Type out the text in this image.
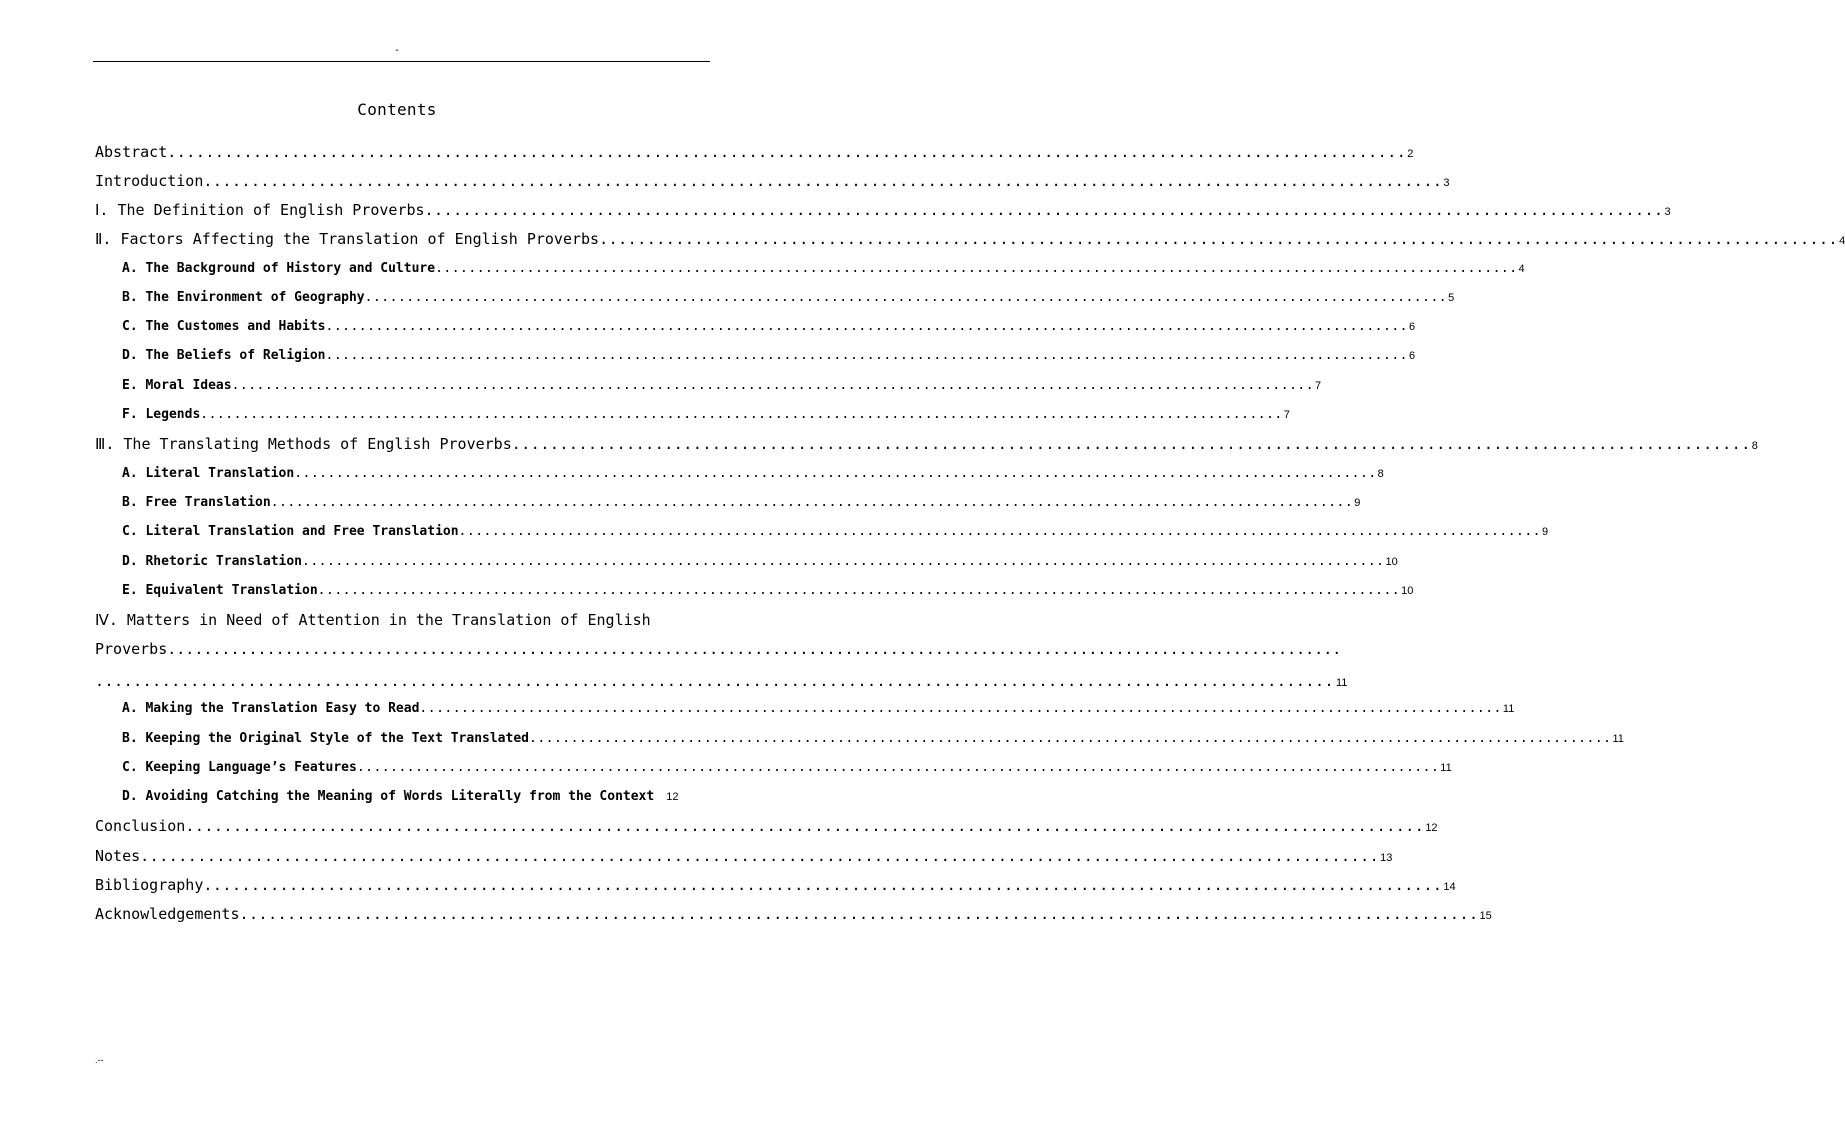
-
Contents
Abstract .................................................................................................................................. 2
Introduction .................................................................................................................................. 3
Ⅰ. The Definition of English Proverbs .................................................................................................................................. 3
Ⅱ. Factors Affecting the Translation of English Proverbs .................................................................................................................................. 4
A. The Background of History and Culture .................................................................................................................................. 4
B. The Environment of Geography .................................................................................................................................. 5
C. The Customes and Habits .................................................................................................................................. 6
D. The Beliefs of Religion .................................................................................................................................. 6
E. Moral Ideas .................................................................................................................................. 7
F. Legends .................................................................................................................................. 7
Ⅲ. The Translating Methods of English Proverbs .................................................................................................................................. 8
A. Literal Translation .................................................................................................................................. 8
B. Free Translation .................................................................................................................................. 9
C. Literal Translation and Free Translation .................................................................................................................................. 9
D. Rhetoric Translation .................................................................................................................................. 10
E. Equivalent Translation .................................................................................................................................. 10
Ⅳ. Matters in Need of Attention in the Translation of English
Proverbs..................................................................................................................................
.................................................................................................................................. 11
A. Making the Translation Easy to Read .................................................................................................................................. 11
B. Keeping the Original Style of the Text Translated .................................................................................................................................. 11
C. Keeping Language’s Features .................................................................................................................................. 11
D. Avoiding Catching the Meaning of Words Literally from the Context	12
Conclusion .................................................................................................................................. 12
Notes .................................................................................................................................. 13
Bibliography .................................................................................................................................. 14
Acknowledgements .................................................................................................................................. 15
.--
